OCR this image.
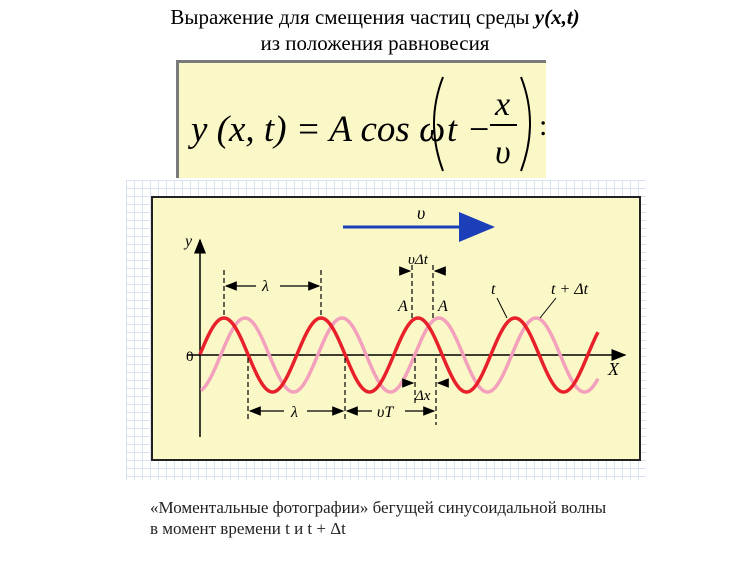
Выражение для смещения частиц среды y(x,t)
из положения равновесия
y (x, t) = A cos ω t −
x
υ
:
υ⃗
y
X
0
λ
υΔt
A A
t	t + Δt
Δx
λ	υT
«Моментальные фотографии» бегущей синусоидальной волны
в момент времени t и t + Δt
